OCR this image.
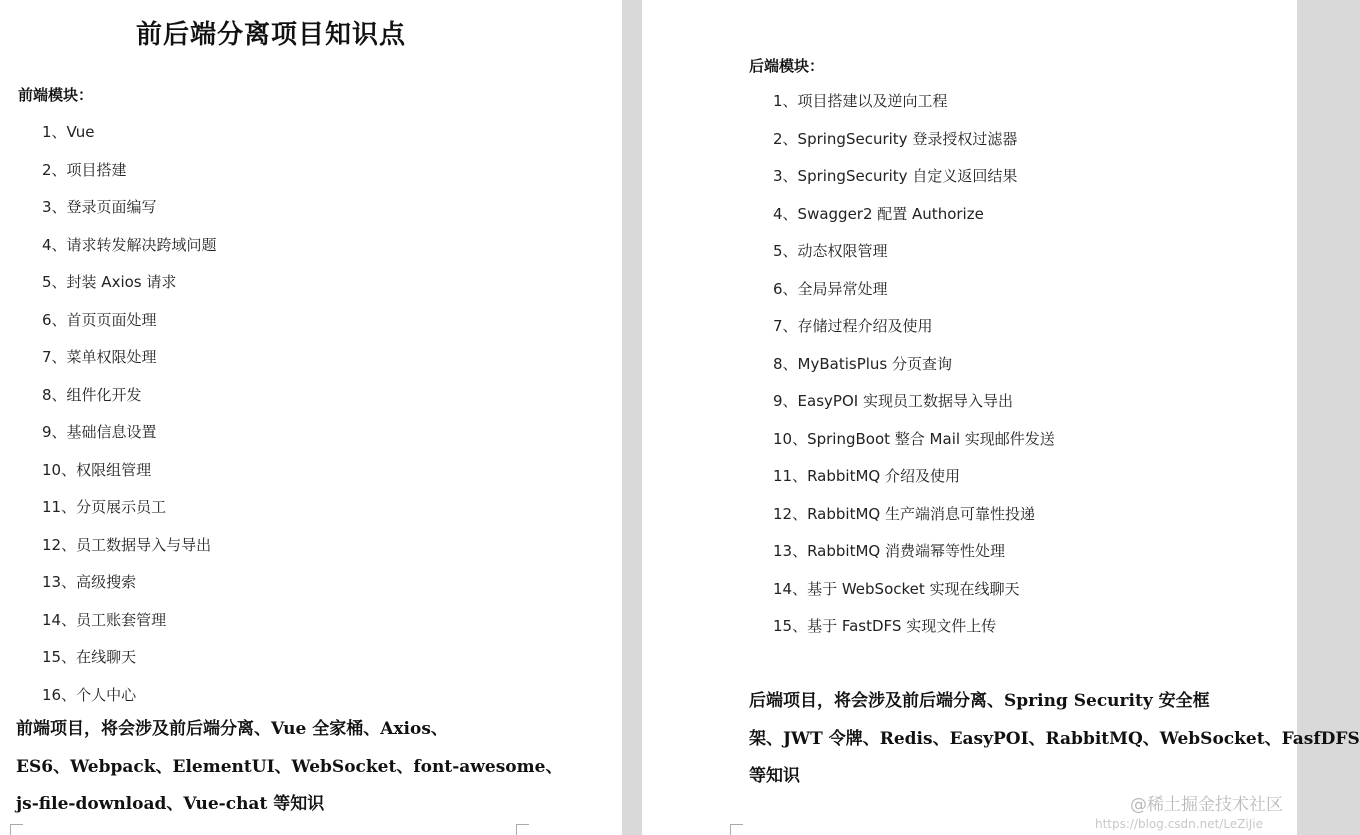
前后端分离项目知识点
前端模块：
1、Vue
2、项目搭建
3、登录页面编写
4、请求转发解决跨域问题
5、封装 Axios 请求
6、首页页面处理
7、菜单权限处理
8、组件化开发
9、基础信息设置
10、权限组管理
11、分页展示员工
12、员工数据导入与导出
13、高级搜索
14、员工账套管理
15、在线聊天
16、个人中心
前端项目，将会涉及前后端分离、Vue 全家桶、Axios、
ES6、Webpack、ElementUI、WebSocket、font-awesome、
js-file-download、Vue-chat 等知识
后端模块：
1、项目搭建以及逆向工程
2、SpringSecurity 登录授权过滤器
3、SpringSecurity 自定义返回结果
4、Swagger2 配置 Authorize
5、动态权限管理
6、全局异常处理
7、存储过程介绍及使用
8、MyBatisPlus 分页查询
9、EasyPOI 实现员工数据导入导出
10、SpringBoot 整合 Mail 实现邮件发送
11、RabbitMQ 介绍及使用
12、RabbitMQ 生产端消息可靠性投递
13、RabbitMQ 消费端幂等性处理
14、基于 WebSocket 实现在线聊天
15、基于 FastDFS 实现文件上传
后端项目，将会涉及前后端分离、Spring Security 安全框
架、JWT 令牌、Redis、EasyPOI、RabbitMQ、WebSocket、FasfDFS
等知识
@稀土掘金技术社区
https://blog.csdn.net/LeZiJie
